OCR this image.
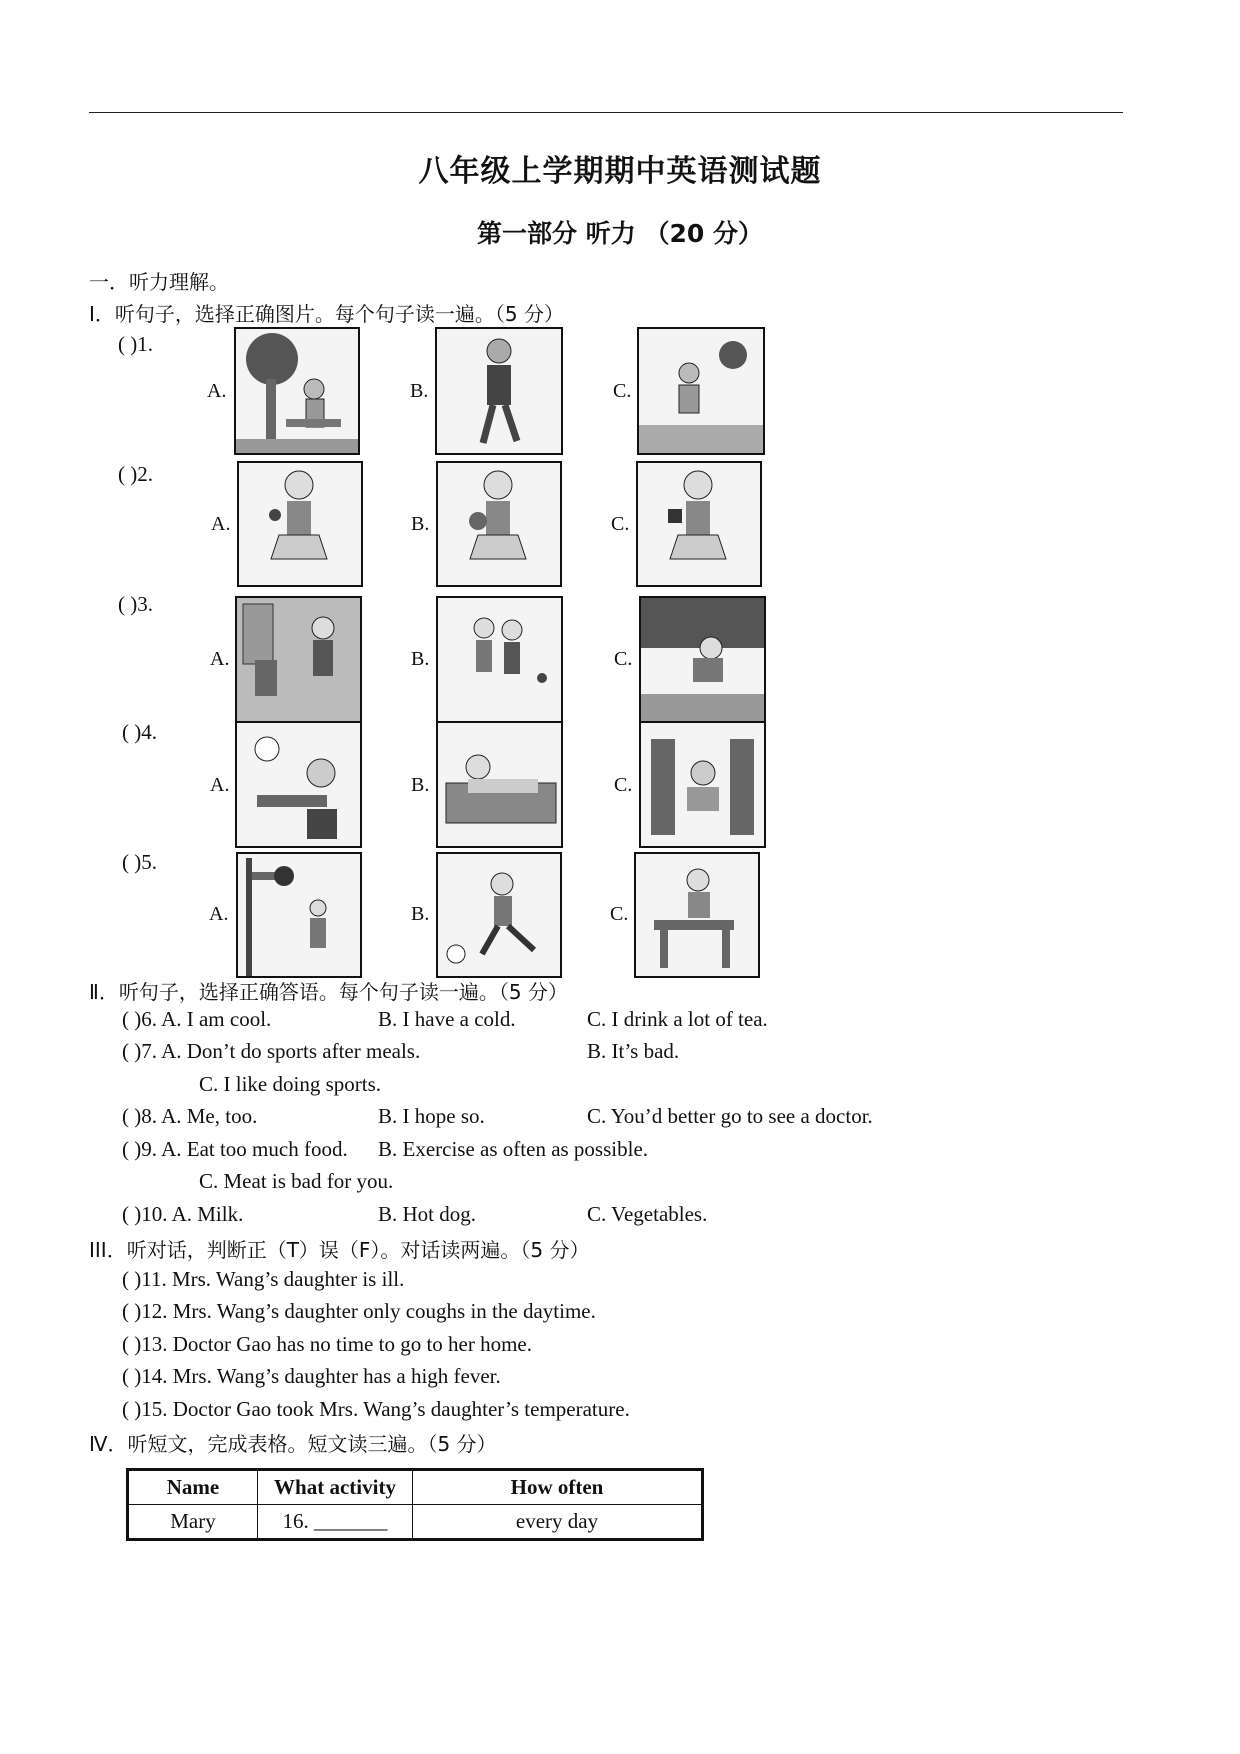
八年级上学期期中英语测试题
第一部分 听力 （20 分）
一．听力理解。
Ⅰ．听句子，选择正确图片。每个句子读一遍。（5 分）
( )1.
A.	B.	C.
( )2.
A.	B.	C.
( )3.
A.	B.	C.
( )4.
A.	B.	C.
( )5.
A.	B.	C.
Ⅱ．听句子，选择正确答语。每个句子读一遍。（5 分）
( )6. A. I am cool.	B. I have a cold.	C. I drink a lot of tea.
( )7. A. Don’t do sports after meals.	B. It’s bad.
C. I like doing sports.
( )8. A. Me, too.	B. I hope so.	C. You’d better go to see a doctor.
( )9. A. Eat too much food. B. Exercise as often as possible.
C. Meat is bad for you.
( )10. A. Milk.	B. Hot dog.	C. Vegetables.
III．听对话，判断正（T）误（F）。对话读两遍。（5 分）
( )11. Mrs. Wang’s daughter is ill.
( )12. Mrs. Wang’s daughter only coughs in the daytime.
( )13. Doctor Gao has no time to go to her home.
( )14. Mrs. Wang’s daughter has a high fever.
( )15. Doctor Gao took Mrs. Wang’s daughter’s temperature.
Ⅳ．听短文，完成表格。短文读三遍。（5 分）
Name	What activity	How often
Mary	16. _______	every day
